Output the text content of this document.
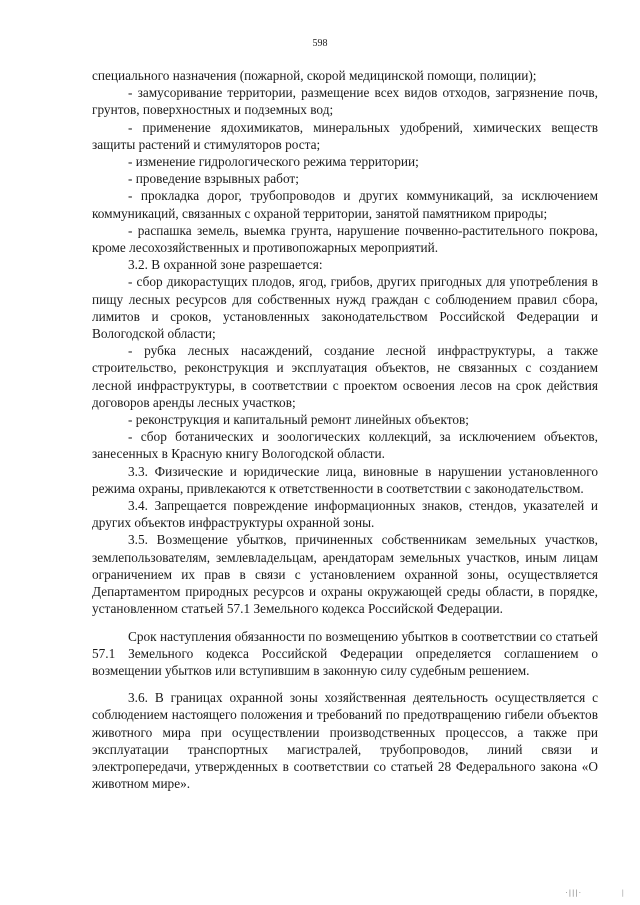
598

специального назначения (пожарной, скорой медицинской помощи, полиции);

- замусоривание территории, размещение всех видов отходов, загрязнение почв, грунтов, поверхностных и подземных вод;

- применение ядохимикатов, минеральных удобрений, химических веществ защиты растений и стимуляторов роста;

- изменение гидрологического режима территории;

- проведение взрывных работ;

- прокладка дорог, трубопроводов и других коммуникаций, за исключением коммуникаций, связанных с охраной территории, занятой памятником природы;

- распашка земель, выемка грунта, нарушение почвенно-растительного покрова, кроме лесохозяйственных и противопожарных мероприятий.

3.2. В охранной зоне разрешается:

- сбор дикорастущих плодов, ягод, грибов, других пригодных для употребления в пищу лесных ресурсов для собственных нужд граждан с соблюдением правил сбора, лимитов и сроков, установленных законодательством Российской Федерации и Вологодской области;

- рубка лесных насаждений, создание лесной инфраструктуры, а также строительство, реконструкция и эксплуатация объектов, не связанных с созданием лесной инфраструктуры, в соответствии с проектом освоения лесов на срок действия договоров аренды лесных участков;

- реконструкция и капитальный ремонт линейных объектов;

- сбор ботанических и зоологических коллекций, за исключением объектов, занесенных в Красную книгу Вологодской области.

3.3. Физические и юридические лица, виновные в нарушении установленного режима охраны, привлекаются к ответственности в соответствии с законодательством.

3.4. Запрещается повреждение информационных знаков, стендов, указателей и других объектов инфраструктуры охранной зоны.

3.5. Возмещение убытков, причиненных собственникам земельных участков, землепользователям, землевладельцам, арендаторам земельных участков, иным лицам ограничением их прав в связи с установлением охранной зоны, осуществляется Департаментом природных ресурсов и охраны окружающей среды области, в порядке, установленном статьей 57.1 Земельного кодекса Российской Федерации.

Срок наступления обязанности по возмещению убытков в соответствии со статьей 57.1 Земельного кодекса Российской Федерации определяется соглашением о возмещении убытков или вступившим в законную силу судебным решением.

3.6. В границах охранной зоны хозяйственная деятельность осуществляется с соблюдением настоящего положения и требований по предотвращению гибели объектов животного мира при осуществлении производственных процессов, а также при эксплуатации транспортных магистралей, трубопроводов, линий связи и электропередачи, утвержденных в соответствии со статьей 28 Федерального закона «О животном мире».

·|||·	|
